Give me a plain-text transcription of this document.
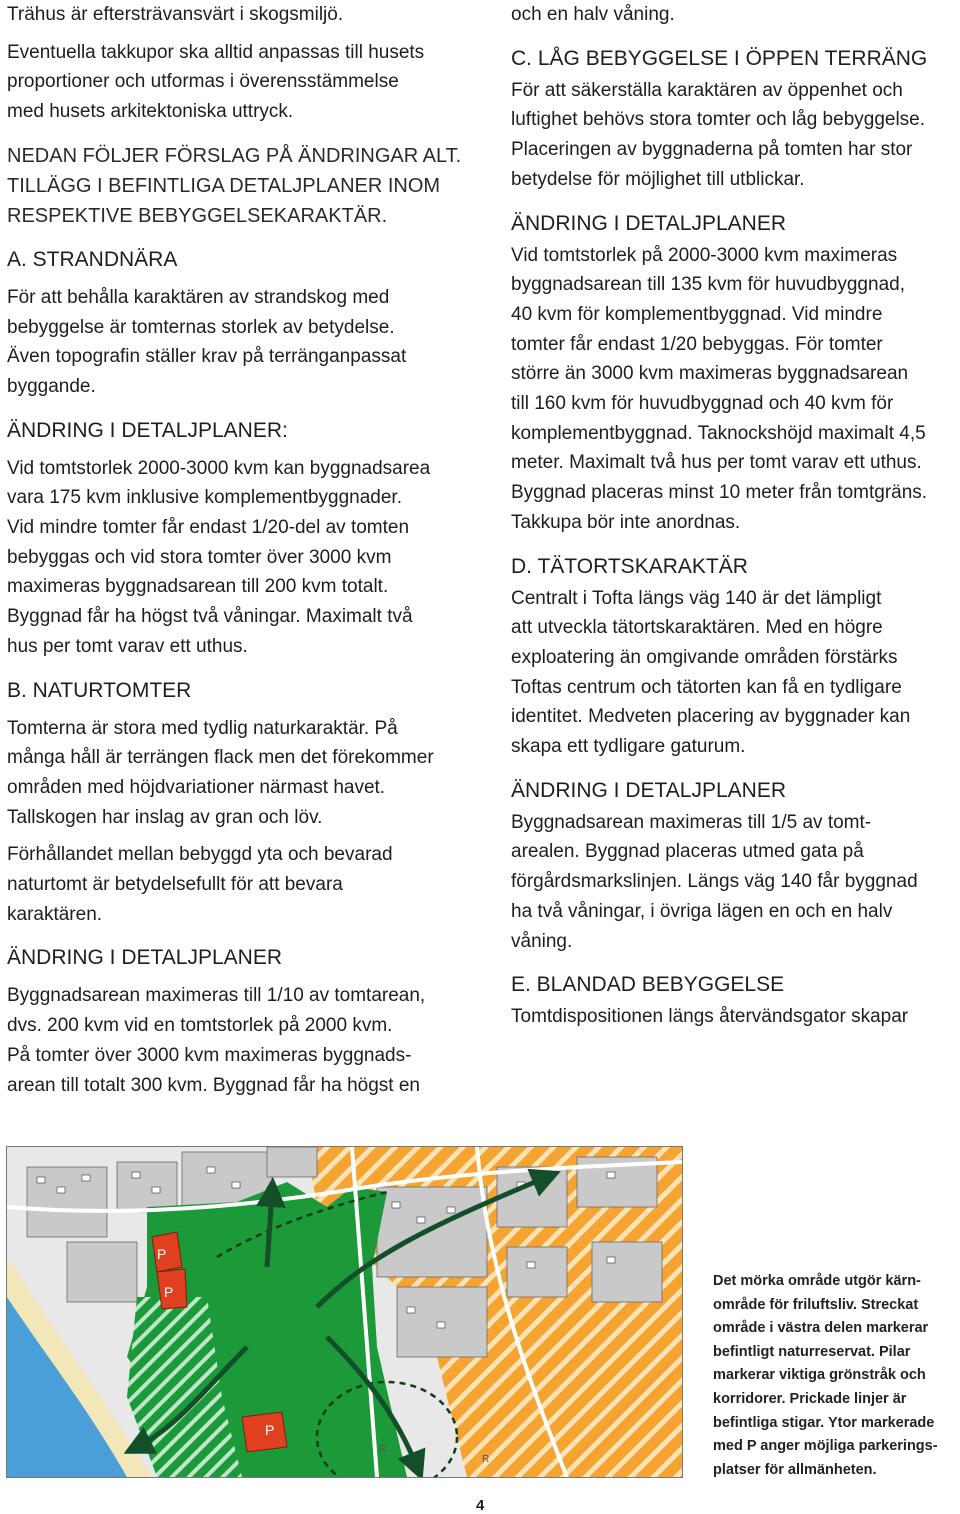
Trähus är eftersträvansvärt i skogsmiljö.

Eventuella takkupor ska alltid anpassas till husets

proportioner och utformas i överensstämmelse

med husets arkitektoniska uttryck.

NEDAN FÖLJER FÖRSLAG PÅ ÄNDRINGAR ALT.

TILLÄGG I BEFINTLIGA DETALJPLANER INOM

RESPEKTIVE BEBYGGELSEKARAKTÄR.

A. STRANDNÄRA

För att behålla karaktären av strandskog med

bebyggelse är tomternas storlek av betydelse.

Även topografin ställer krav på terränganpassat

byggande.

ÄNDRING I DETALJPLANER:

Vid tomtstorlek 2000-3000 kvm kan byggnadsarea

vara 175 kvm inklusive komplementbyggnader.

Vid mindre tomter får endast 1/20-del av tomten

bebyggas och vid stora tomter över 3000 kvm

maximeras byggnadsarean till 200 kvm totalt.

Byggnad får ha högst två våningar. Maximalt två

hus per tomt varav ett uthus.

B. NATURTOMTER

Tomterna är stora med tydlig naturkaraktär. På

många håll är terrängen flack men det förekommer

områden med höjdvariationer närmast havet.

Tallskogen har inslag av gran och löv.

Förhållandet mellan bebyggd yta och bevarad

naturtomt är betydelsefullt för att bevara

karaktären.

ÄNDRING I DETALJPLANER

Byggnadsarean maximeras till 1/10 av tomtarean,

dvs. 200 kvm vid en tomtstorlek på 2000 kvm.

På tomter över 3000 kvm maximeras byggnads-

arean till totalt 300 kvm. Byggnad får ha högst en

och en halv våning.

C. LÅG BEBYGGELSE I ÖPPEN TERRÄNG

För att säkerställa karaktären av öppenhet och

luftighet behövs stora tomter och låg bebyggelse.

Placeringen av byggnaderna på tomten har stor

betydelse för möjlighet till utblickar.

ÄNDRING I DETALJPLANER

Vid tomtstorlek på 2000-3000 kvm maximeras

byggnadsarean till 135 kvm för huvudbyggnad,

40 kvm för komplementbyggnad. Vid mindre

tomter får endast 1/20 bebyggas. För tomter

större än 3000 kvm maximeras byggnadsarean

till 160 kvm för huvudbyggnad och 40 kvm för

komplementbyggnad. Taknockshöjd maximalt 4,5

meter. Maximalt två hus per tomt varav ett uthus.

Byggnad placeras minst 10 meter från tomtgräns.

Takkupa bör inte anordnas.

D. TÄTORTSKARAKTÄR

Centralt i Tofta längs väg 140 är det lämpligt

att utveckla tätortskaraktären. Med en högre

exploatering än omgivande områden förstärks

Toftas centrum och tätorten kan få en tydligare

identitet. Medveten placering av byggnader kan

skapa ett tydligare gaturum.

ÄNDRING I DETALJPLANER

Byggnadsarean maximeras till 1/5 av tomt-

arealen. Byggnad placeras utmed gata på

förgårdsmarkslinjen. Längs väg 140 får byggnad

ha två våningar, i övriga lägen en och en halv

våning.

E. BLANDAD BEBYGGELSE

Tomtdispositionen längs återvändsgator skapar

P
P
P
R
R
Det mörka område utgör kärn-
område för friluftsliv. Streckat
område i västra delen markerar
befintligt naturreservat. Pilar
markerar viktiga grönstråk och
korridorer. Prickade linjer är
befintliga stigar. Ytor markerade
med P anger möjliga parkerings-
platser för allmänheten.
4
